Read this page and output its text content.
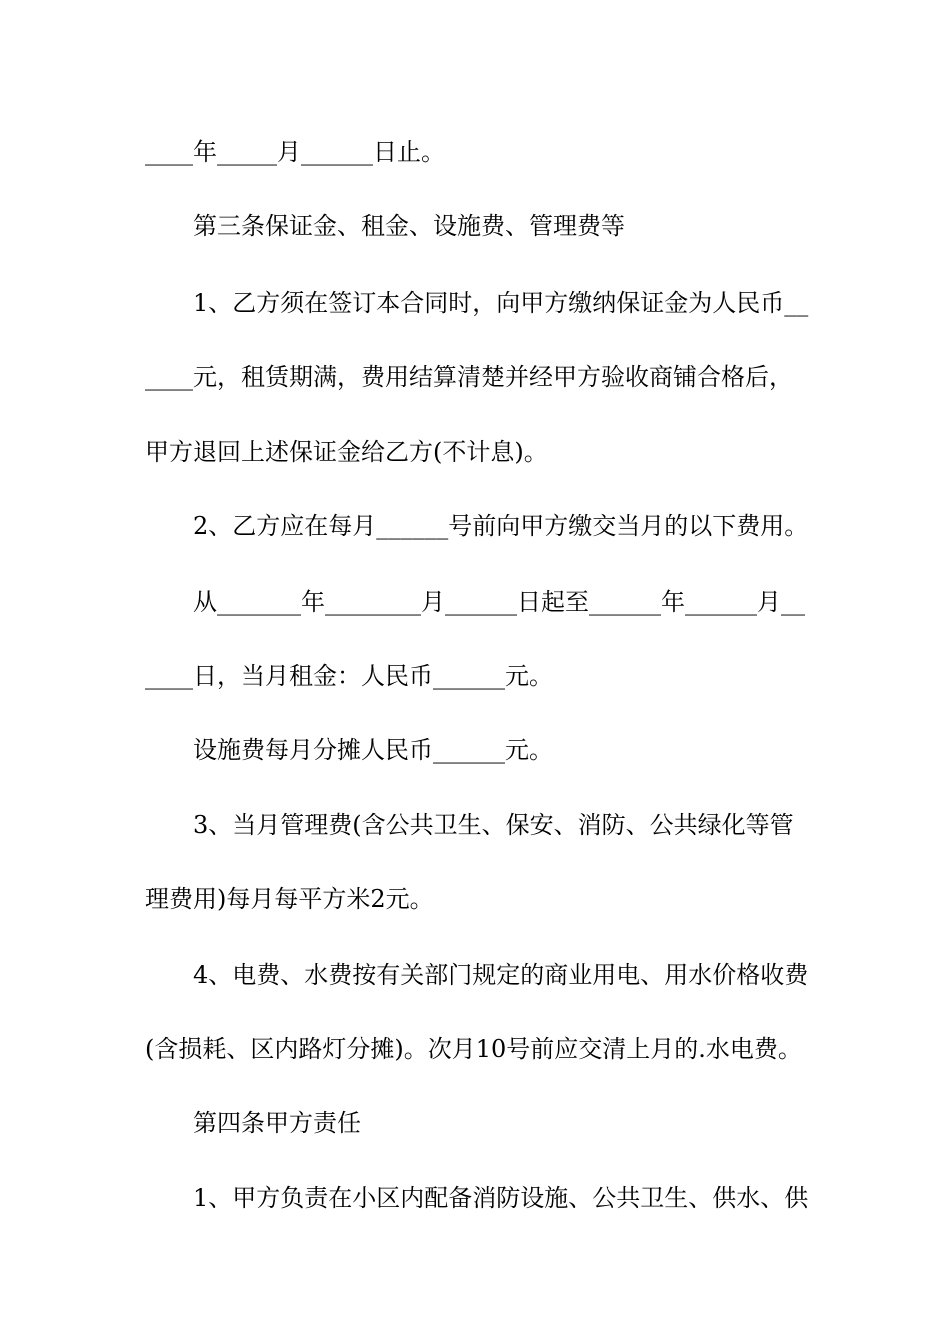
____年_____月______日止。
第三条保证金、租金、设施费、管理费等
1、乙方须在签订本合同时，向甲方缴纳保证金为人民币__
____元，租赁期满，费用结算清楚并经甲方验收商铺合格后，
甲方退回上述保证金给乙方(不计息)。
2、乙方应在每月______号前向甲方缴交当月的以下费用。
从_______年________月______日起至______年______月__
____日，当月租金：人民币______元。
设施费每月分摊人民币______元。
3、当月管理费(含公共卫生、保安、消防、公共绿化等管
理费用)每月每平方米2元。
4、电费、水费按有关部门规定的商业用电、用水价格收费
(含损耗、区内路灯分摊)。次月10号前应交清上月的.水电费。
第四条甲方责任
1、甲方负责在小区内配备消防设施、公共卫生、供水、供
